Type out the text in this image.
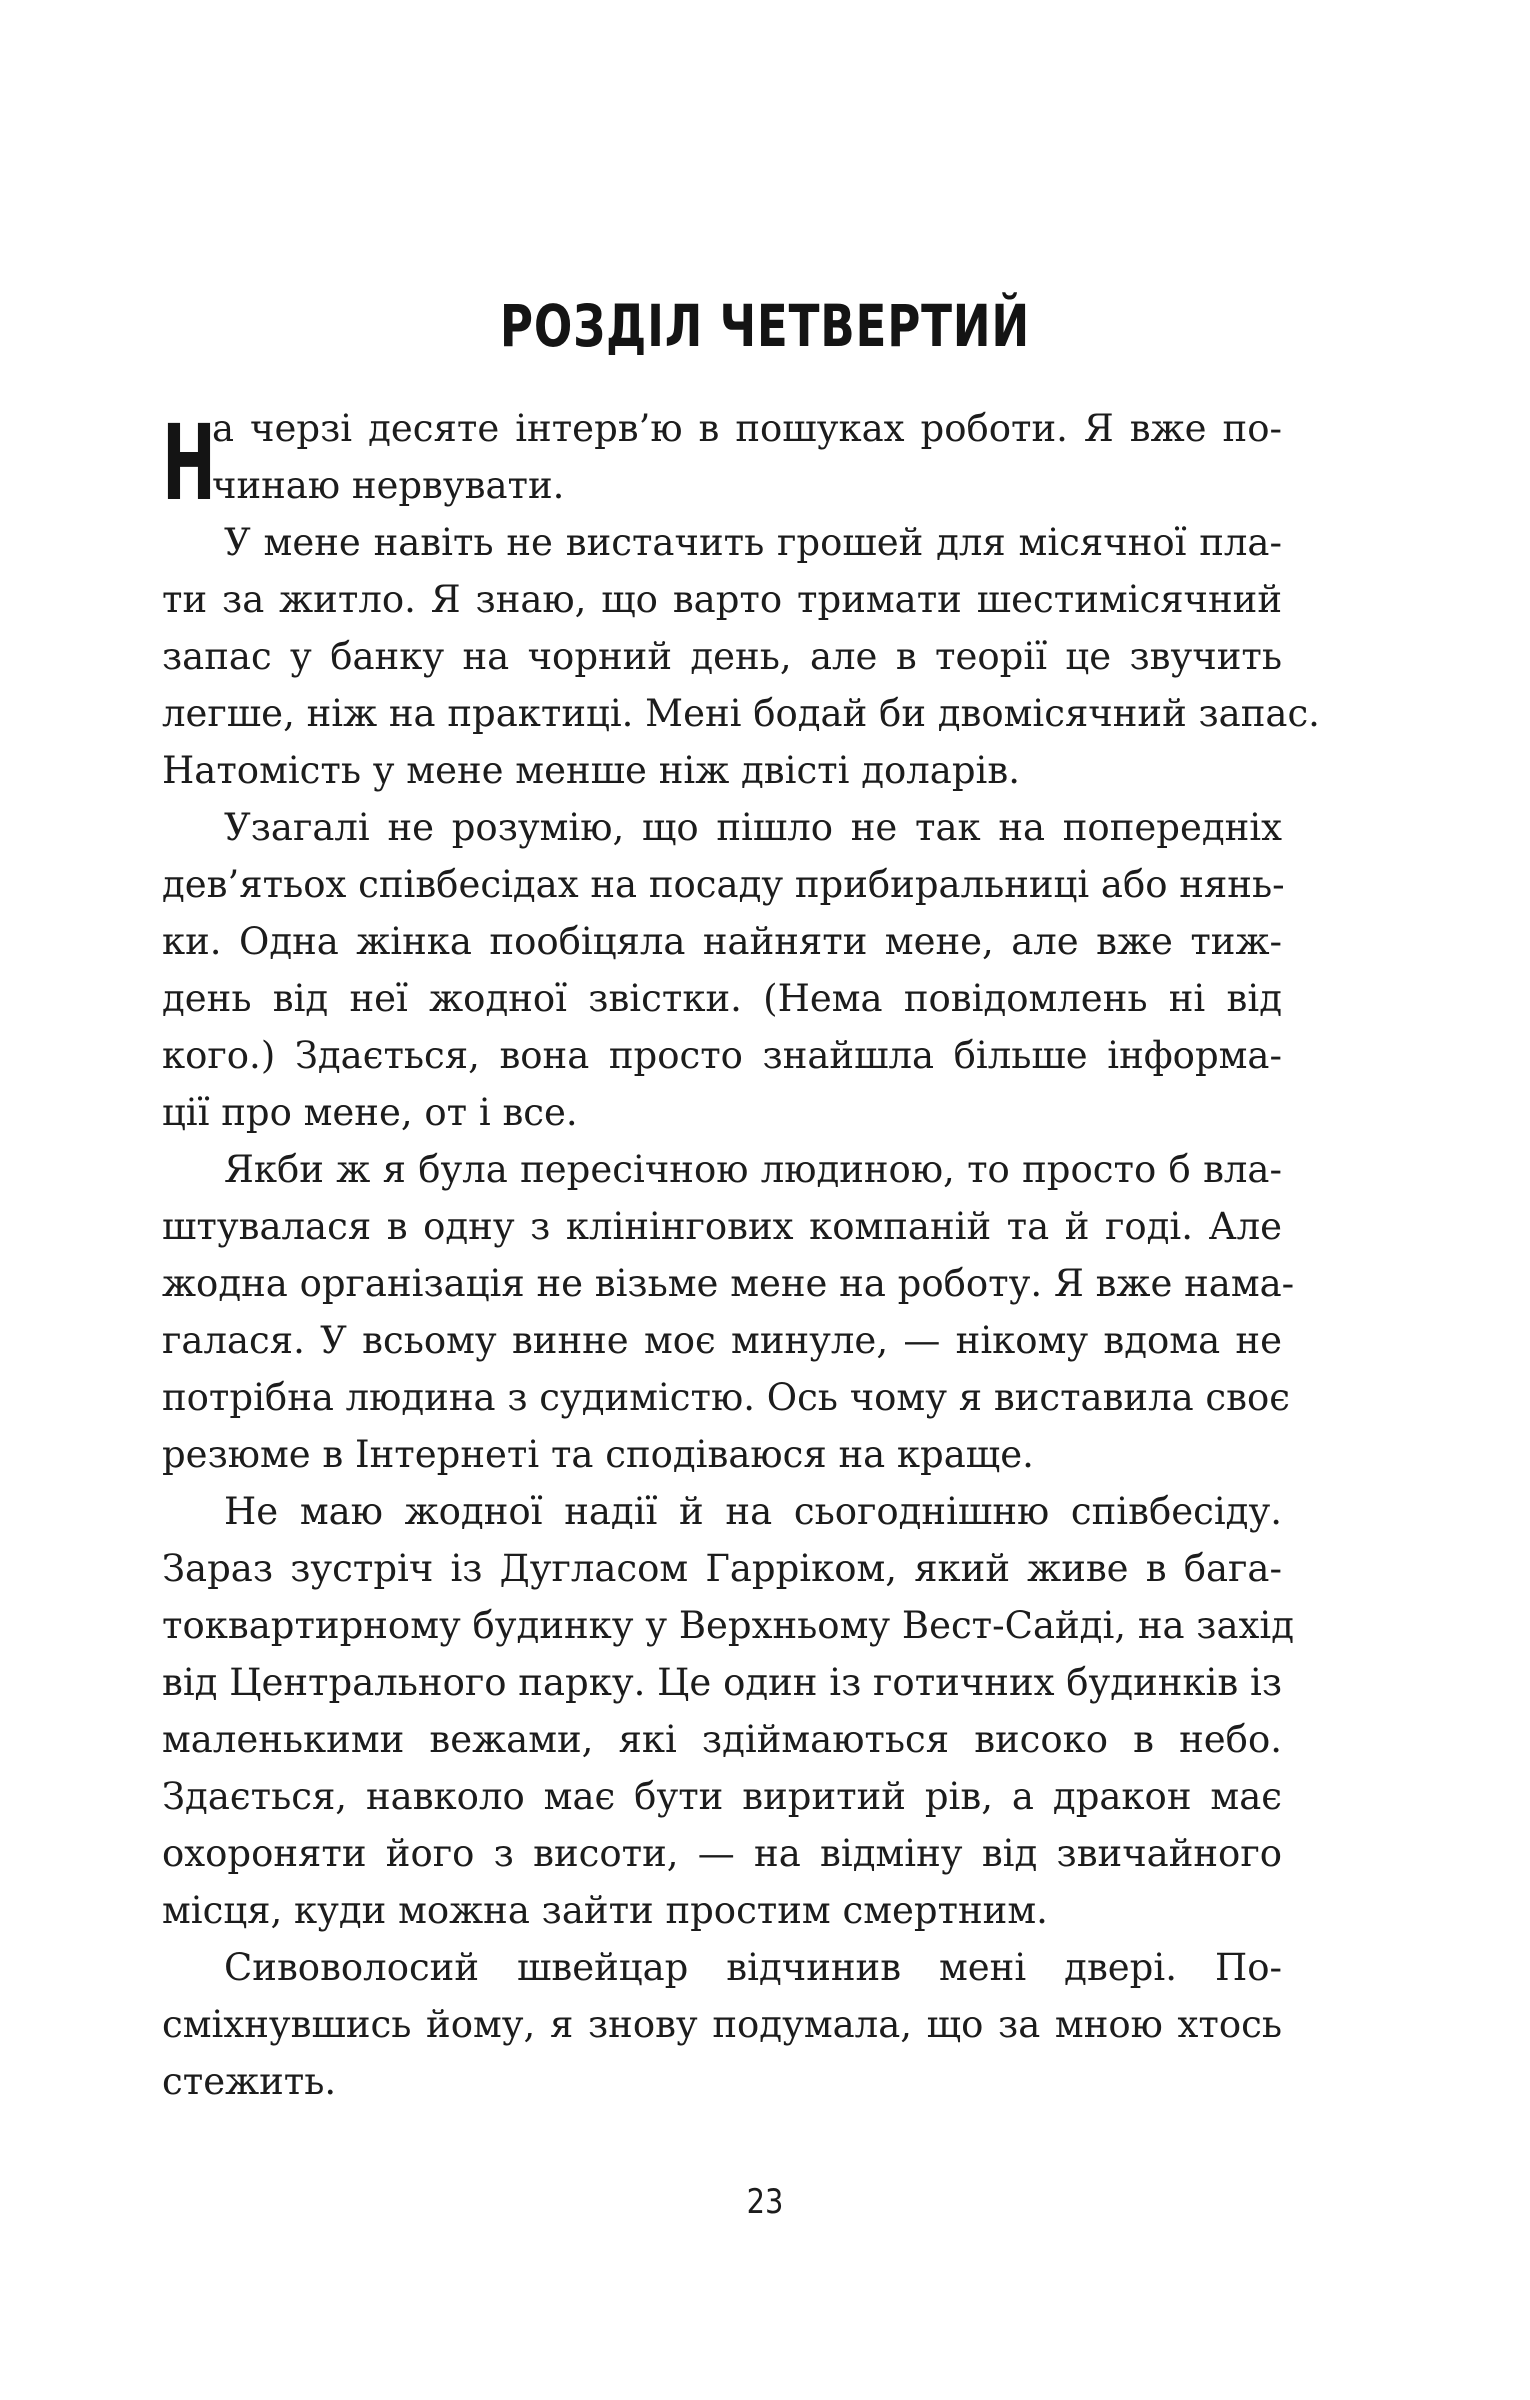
РОЗДІЛ ЧЕТВЕРТИЙ
Н
а черзі десяте інтерв’ю в пошуках роботи. Я вже по-
чинаю нервувати.
У мене навіть не вистачить грошей для місячної пла-
ти за житло. Я знаю, що варто тримати шестимісячний
запас у банку на чорний день, але в теорії це звучить
легше, ніж на практиці. Мені бодай би двомісячний запас.
Натомість у мене менше ніж двісті доларів.
Узагалі не розумію, що пішло не так на попередніх
дев’ятьох співбесідах на посаду прибиральниці або нянь-
ки. Одна жінка пообіцяла найняти мене, але вже тиж-
день від неї жодної звістки. (Нема повідомлень ні від
кого.) Здається, вона просто знайшла більше інформа-
ції про мене, от і все.
Якби ж я була пересічною людиною, то просто б вла-
штувалася в одну з клінінгових компаній та й годі. Але
жодна організація не візьме мене на роботу. Я вже нама-
галася. У всьому винне моє минуле, — нікому вдома не
потрібна людина з судимістю. Ось чому я виставила своє
резюме в Інтернеті та сподіваюся на краще.
Не маю жодної надії й на сьогоднішню співбесіду.
Зараз зустріч із Дугласом Гарріком, який живе в бага-
токвартирному будинку у Верхньому Вест-Сайді, на захід
від Центрального парку. Це один із готичних будинків із
маленькими вежами, які здіймаються високо в небо.
Здається, навколо має бути виритий рів, а дракон має
охороняти його з висоти, — на відміну від звичайного
місця, куди можна зайти простим смертним.
Сивоволосий швейцар відчинив мені двері. По-
сміхнувшись йому, я знову подумала, що за мною хтось
стежить.
23
